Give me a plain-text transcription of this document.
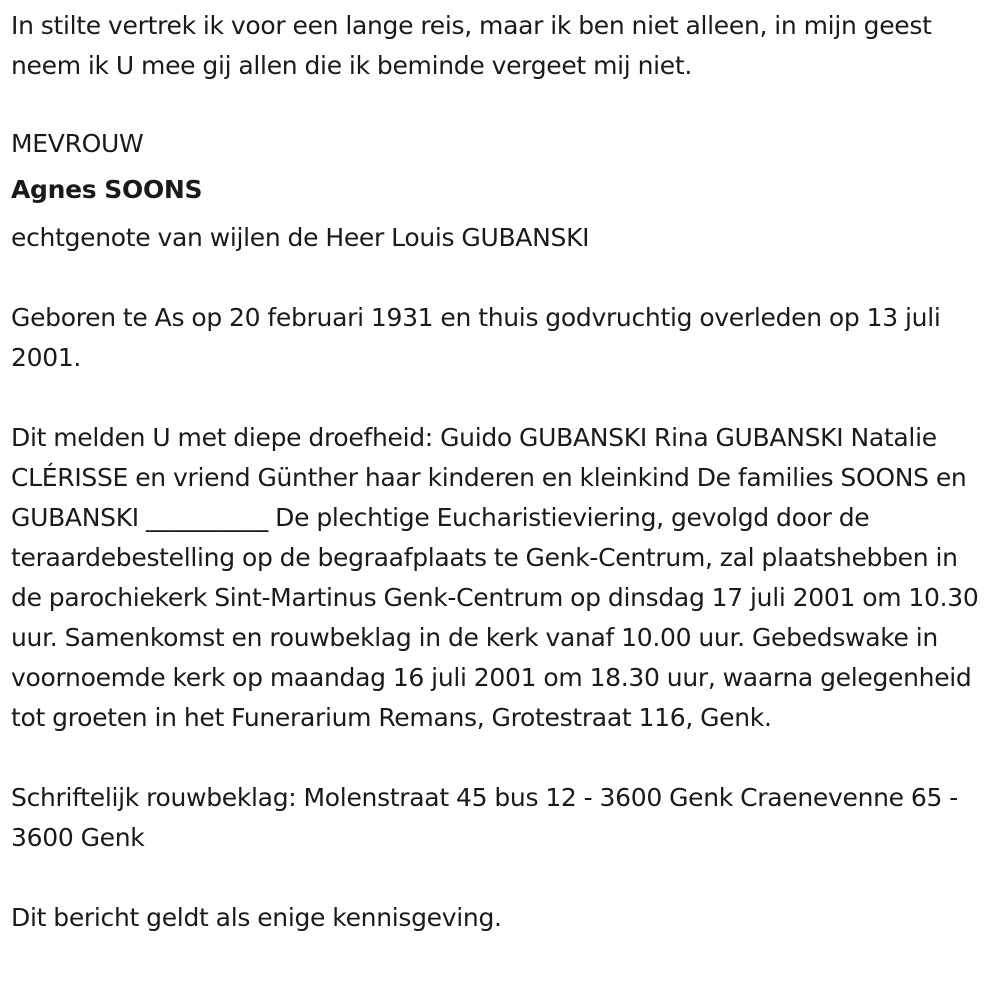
In stilte vertrek ik voor een lange reis, maar ik ben niet alleen, in mijn geest neem ik U mee gij allen die ik beminde vergeet mij niet.

MEVROUW

Agnes SOONS

echtgenote van wijlen de Heer Louis GUBANSKI

Geboren te As op 20 februari 1931 en thuis godvruchtig overleden op 13 juli 2001.

Dit melden U met diepe droefheid: Guido GUBANSKI Rina GUBANSKI Natalie CLÉRISSE en vriend Günther haar kinderen en kleinkind De families SOONS en GUBANSKI __________ De plechtige Eucharistieviering, gevolgd door de teraardebestelling op de begraafplaats te Genk-Centrum, zal plaatshebben in de parochiekerk Sint-Martinus Genk-Centrum op dinsdag 17 juli 2001 om 10.30 uur. Samenkomst en rouwbeklag in de kerk vanaf 10.00 uur. Gebedswake in voornoemde kerk op maandag 16 juli 2001 om 18.30 uur, waarna gelegenheid tot groeten in het Funerarium Remans, Grotestraat 116, Genk.

Schriftelijk rouwbeklag: Molenstraat 45 bus 12 - 3600 Genk Craenevenne 65 - 3600 Genk

Dit bericht geldt als enige kennisgeving.
